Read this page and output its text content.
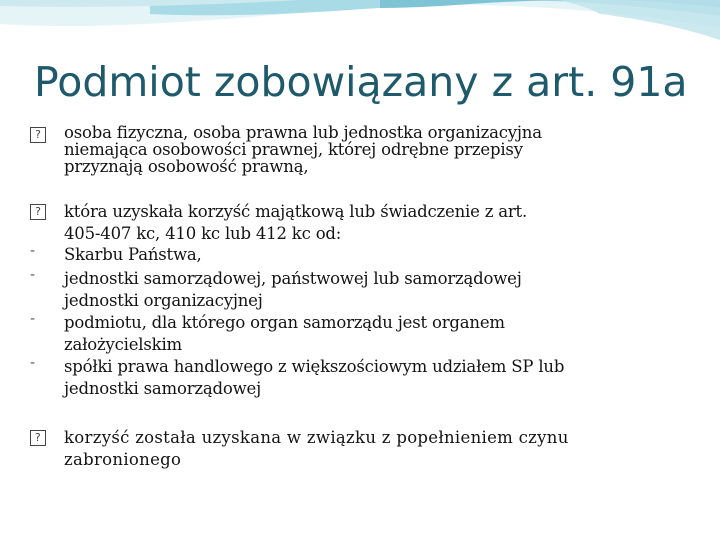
Podmiot zobowiązany z art. 91a
?	osoba fizyczna, osoba prawna lub jednostka organizacyjna
niemająca osobowości prawnej, której odrębne przepisy
przyznają osobowość prawną,
?	która uzyskała korzyść majątkową lub świadczenie z art.
405-407 kc, 410 kc lub 412 kc od:
- Skarbu Państwa,
- jednostki samorządowej, państwowej lub samorządowej
jednostki organizacyjnej
- podmiotu, dla którego organ samorządu jest organem
założycielskim
- spółki prawa handlowego z większościowym udziałem SP lub
jednostki samorządowej
? korzyść została uzyskana w związku z popełnieniem czynu
zabronionego
